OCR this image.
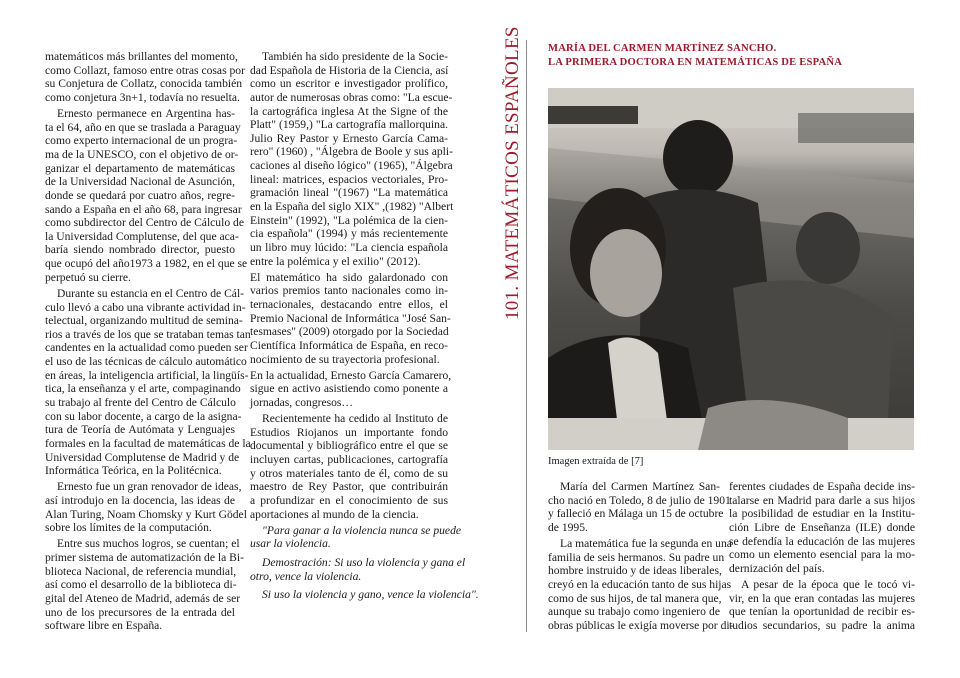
matemáticos más brillantes del momento,
como Collazt, famoso entre otras cosas por
su Conjetura de Collatz, conocida también
como conjetura 3n+1, todavía no resuelta.
Ernesto permanece en Argentina has-
ta el 64, año en que se traslada a Paraguay
como experto internacional de un progra-
ma de la UNESCO, con el objetivo de or-
ganizar el departamento de matemáticas
de la Universidad Nacional de Asunción,
donde se quedará por cuatro años, regre-
sando a España en el año 68, para ingresar
como subdirector del Centro de Cálculo de
la Universidad Complutense, del que aca-
baría siendo nombrado director, puesto
que ocupó del año1973 a 1982, en el que se
perpetuó su cierre.
Durante su estancia en el Centro de Cál-
culo llevó a cabo una vibrante actividad in-
telectual, organizando multitud de semina-
rios a través de los que se trataban temas tan
candentes en la actualidad como pueden ser
el uso de las técnicas de cálculo automático
en áreas, la inteligencia artificial, la lingüís-
tica, la enseñanza y el arte, compaginando
su trabajo al frente del Centro de Cálculo
con su labor docente, a cargo de la asigna-
tura de Teoría de Autómata y Lenguajes
formales en la facultad de matemáticas de la
Universidad Complutense de Madrid y de
Informática Teórica, en la Politécnica.
Ernesto fue un gran renovador de ideas,
así introdujo en la docencia, las ideas de
Alan Turing, Noam Chomsky y Kurt Gödel
sobre los límites de la computación.
Entre sus muchos logros, se cuentan; el
primer sistema de automatización de la Bi-
blioteca Nacional, de referencia mundial,
así como el desarrollo de la biblioteca di-
gital del Ateneo de Madrid, además de ser
uno de los precursores de la entrada del
software libre en España.
También ha sido presidente de la Socie-
dad Española de Historia de la Ciencia, así
como un escritor e investigador prolífico,
autor de numerosas obras como: "La escue-
la cartográfica inglesa At the Signe of the
Platt" (1959,) "La cartografía mallorquina.
Julio Rey Pastor y Ernesto García Cama-
rero" (1960) , "Álgebra de Boole y sus apli-
caciones al diseño lógico" (1965), "Álgebra
lineal: matrices, espacios vectoriales, Pro-
gramación lineal "(1967) "La matemática
en la España del siglo XIX" ,(1982) "Albert
Einstein" (1992), "La polémica de la cien-
cia española" (1994) y más recientemente
un libro muy lúcido: "La ciencia española
entre la polémica y el exilio" (2012).
El matemático ha sido galardonado con
varios premios tanto nacionales como in-
ternacionales, destacando entre ellos, el
Premio Nacional de Informática "José San-
tesmases" (2009) otorgado por la Sociedad
Científica Informática de España, en reco-
nocimiento de su trayectoria profesional.
En la actualidad, Ernesto García Camarero,
sigue en activo asistiendo como ponente a
jornadas, congresos…
Recientemente ha cedido al Instituto de
Estudios Riojanos un importante fondo
documental y bibliográfico entre el que se
incluyen cartas, publicaciones, cartografía
y otros materiales tanto de él, como de su
maestro de Rey Pastor, que contribuirán
a profundizar en el conocimiento de sus
aportaciones al mundo de la ciencia.
"Para ganar a la violencia nunca se puede
usar la violencia.
Demostración: Si uso la violencia y gana el
otro, vence la violencia.
Si uso la violencia y gano, vence la violencia".
101. MATEMÁTICOS ESPAÑOLES MARÍA DEL CARMEN MARTÍNEZ SANCHO.
LA PRIMERA DOCTORA EN MATEMÁTICAS DE ESPAÑA
Imagen extraída de [7]
María del Carmen Martínez San-
cho nació en Toledo, 8 de julio de 1901
y falleció en Málaga un 15 de octubre
de 1995.
La matemática fue la segunda en una
familia de seis hermanos. Su padre un
hombre instruido y de ideas liberales,
creyó en la educación tanto de sus hijas
como de sus hijos, de tal manera que,
aunque su trabajo como ingeniero de
obras públicas le exigía moverse por di-
ferentes ciudades de España decide ins-
talarse en Madrid para darle a sus hijos
la posibilidad de estudiar en la Institu-
ción Libre de Enseñanza (ILE) donde
se defendía la educación de las mujeres
como un elemento esencial para la mo-
dernización del país.
A pesar de la época que le tocó vi-
vir, en la que eran contadas las mujeres
que tenían la oportunidad de recibir es-
tudios secundarios, su padre la anima
